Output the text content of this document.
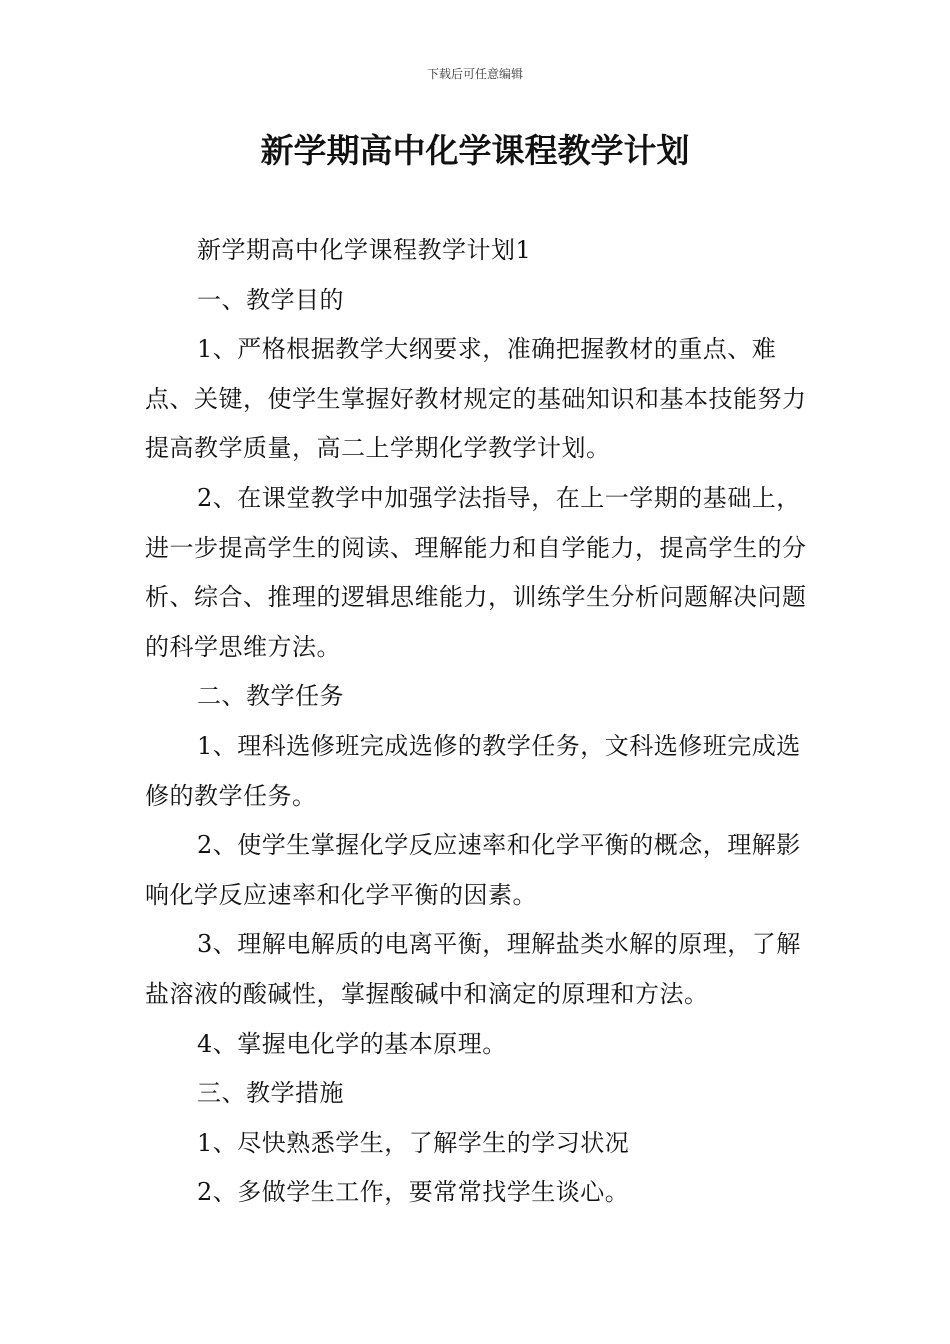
下载后可任意编辑
新学期高中化学课程教学计划

新学期高中化学课程教学计划1

一、教学目的

1、严格根据教学大纲要求，准确把握教材的重点、难点、关键，使学生掌握好教材规定的基础知识和基本技能努力提高教学质量，高二上学期化学教学计划。

2、在课堂教学中加强学法指导，在上一学期的基础上，进一步提高学生的阅读、理解能力和自学能力，提高学生的分析、综合、推理的逻辑思维能力，训练学生分析问题解决问题的科学思维方法。

二、教学任务

1、理科选修班完成选修的教学任务，文科选修班完成选修的教学任务。

2、使学生掌握化学反应速率和化学平衡的概念，理解影响化学反应速率和化学平衡的因素。

3、理解电解质的电离平衡，理解盐类水解的原理，了解盐溶液的酸碱性，掌握酸碱中和滴定的原理和方法。

4、掌握电化学的基本原理。

三、教学措施

1、尽快熟悉学生，了解学生的学习状况

2、多做学生工作，要常常找学生谈心。
